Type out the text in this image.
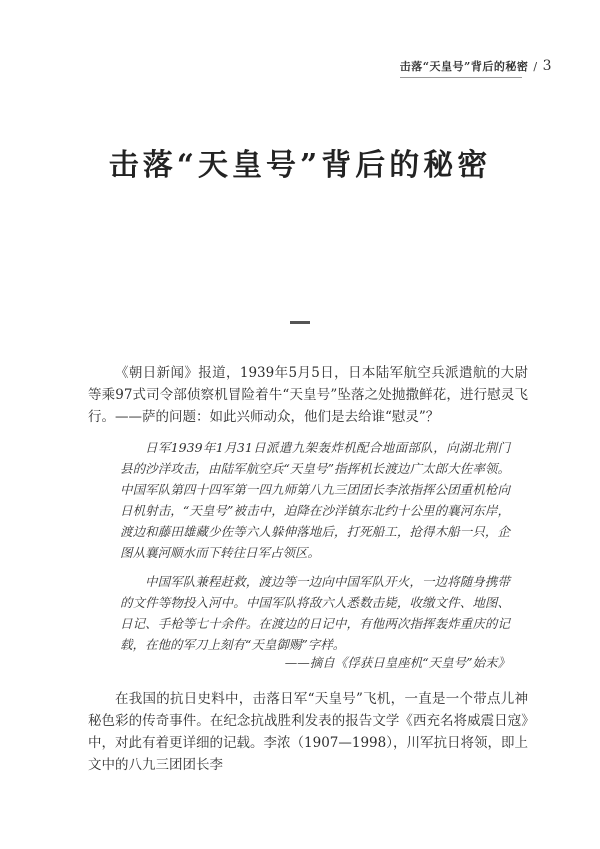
击落“天皇号”背后的秘密 / 3
击落“天皇号”背后的秘密

《朝日新闻》报道，1939年5月5日，日本陆军航空兵派遣航的大尉等乘97式司令部侦察机冒险着牛“天皇号”坠落之处抛撒鲜花，进行慰灵飞行。——萨的问题：如此兴师动众，他们是去给谁“慰灵”？

日军1939年1月31日派遣九架轰炸机配合地面部队，向湖北荆门县的沙洋攻击，由陆军航空兵“天皇号”指挥机长渡边广太郎大佐率领。中国军队第四十四军第一四九师第八九三团团长李浓指挥公团重机枪向日机射击，“天皇号”被击中，迫降在沙洋镇东北约十公里的襄河东岸，渡边和藤田雄藏少佐等六人躲伸落地后，打死船工，抢得木船一只，企图从襄河顺水而下转往日军占领区。

中国军队兼程赶救，渡边等一边向中国军队开火，一边将随身携带的文件等物投入河中。中国军队将敌六人悉数击毙，收缴文件、地图、日记、手枪等七十余件。在渡边的日记中，有他两次指挥轰炸重庆的记载，在他的军刀上刻有“天皇御赐”字样。

——摘自《俘获日皇座机“天皇号”始末》

在我国的抗日史料中，击落日军“天皇号”飞机，一直是一个带点儿神秘色彩的传奇事件。在纪念抗战胜利发表的报告文学《西充名将威震日寇》中，对此有着更详细的记载。李浓（1907—1998），川军抗日将领，即上文中的八九三团团长李
